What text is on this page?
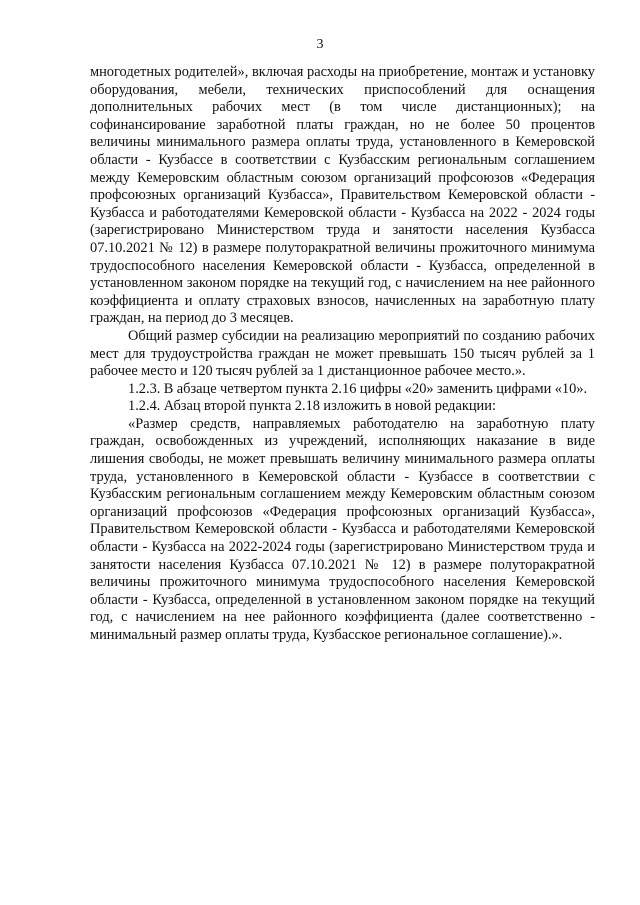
3

многодетных родителей», включая расходы на приобретение, монтаж и установку оборудования, мебели, технических приспособлений для оснащения дополнительных рабочих мест (в том числе дистанционных); на софинансирование заработной платы граждан, но не более 50 процентов величины минимального размера оплаты труда, установленного в Кемеровской области - Кузбассе в соответствии с Кузбасским региональным соглашением между Кемеровским областным союзом организаций профсоюзов «Федерация профсоюзных организаций Кузбасса», Правительством Кемеровской области - Кузбасса и работодателями Кемеровской области - Кузбасса на 2022 - 2024 годы (зарегистрировано Министерством труда и занятости населения Кузбасса 07.10.2021 № 12) в размере полуторакратной величины прожиточного минимума трудоспособного населения Кемеровской области - Кузбасса, определенной в установленном законом порядке на текущий год, с начислением на нее районного коэффициента и оплату страховых взносов, начисленных на заработную плату граждан, на период до 3 месяцев.

Общий размер субсидии на реализацию мероприятий по созданию рабочих мест для трудоустройства граждан не может превышать 150 тысяч рублей за 1 рабочее место и 120 тысяч рублей за 1 дистанционное рабочее место.».

1.2.3. В абзаце четвертом пункта 2.16 цифры «20» заменить цифрами «10».

1.2.4. Абзац второй пункта 2.18 изложить в новой редакции:

«Размер средств, направляемых работодателю на заработную плату граждан, освобожденных из учреждений, исполняющих наказание в виде лишения свободы, не может превышать величину минимального размера оплаты труда, установленного в Кемеровской области - Кузбассе в соответствии с Кузбасским региональным соглашением между Кемеровским областным союзом организаций профсоюзов «Федерация профсоюзных организаций Кузбасса», Правительством Кемеровской области - Кузбасса и работодателями Кемеровской области - Кузбасса на 2022-2024 годы (зарегистрировано Министерством труда и занятости населения Кузбасса 07.10.2021 № 12) в размере полуторакратной величины прожиточного минимума трудоспособного населения Кемеровской области - Кузбасса, определенной в установленном законом порядке на текущий год, с начислением на нее районного коэффициента (далее соответственно - минимальный размер оплаты труда, Кузбасское региональное соглашение).».
